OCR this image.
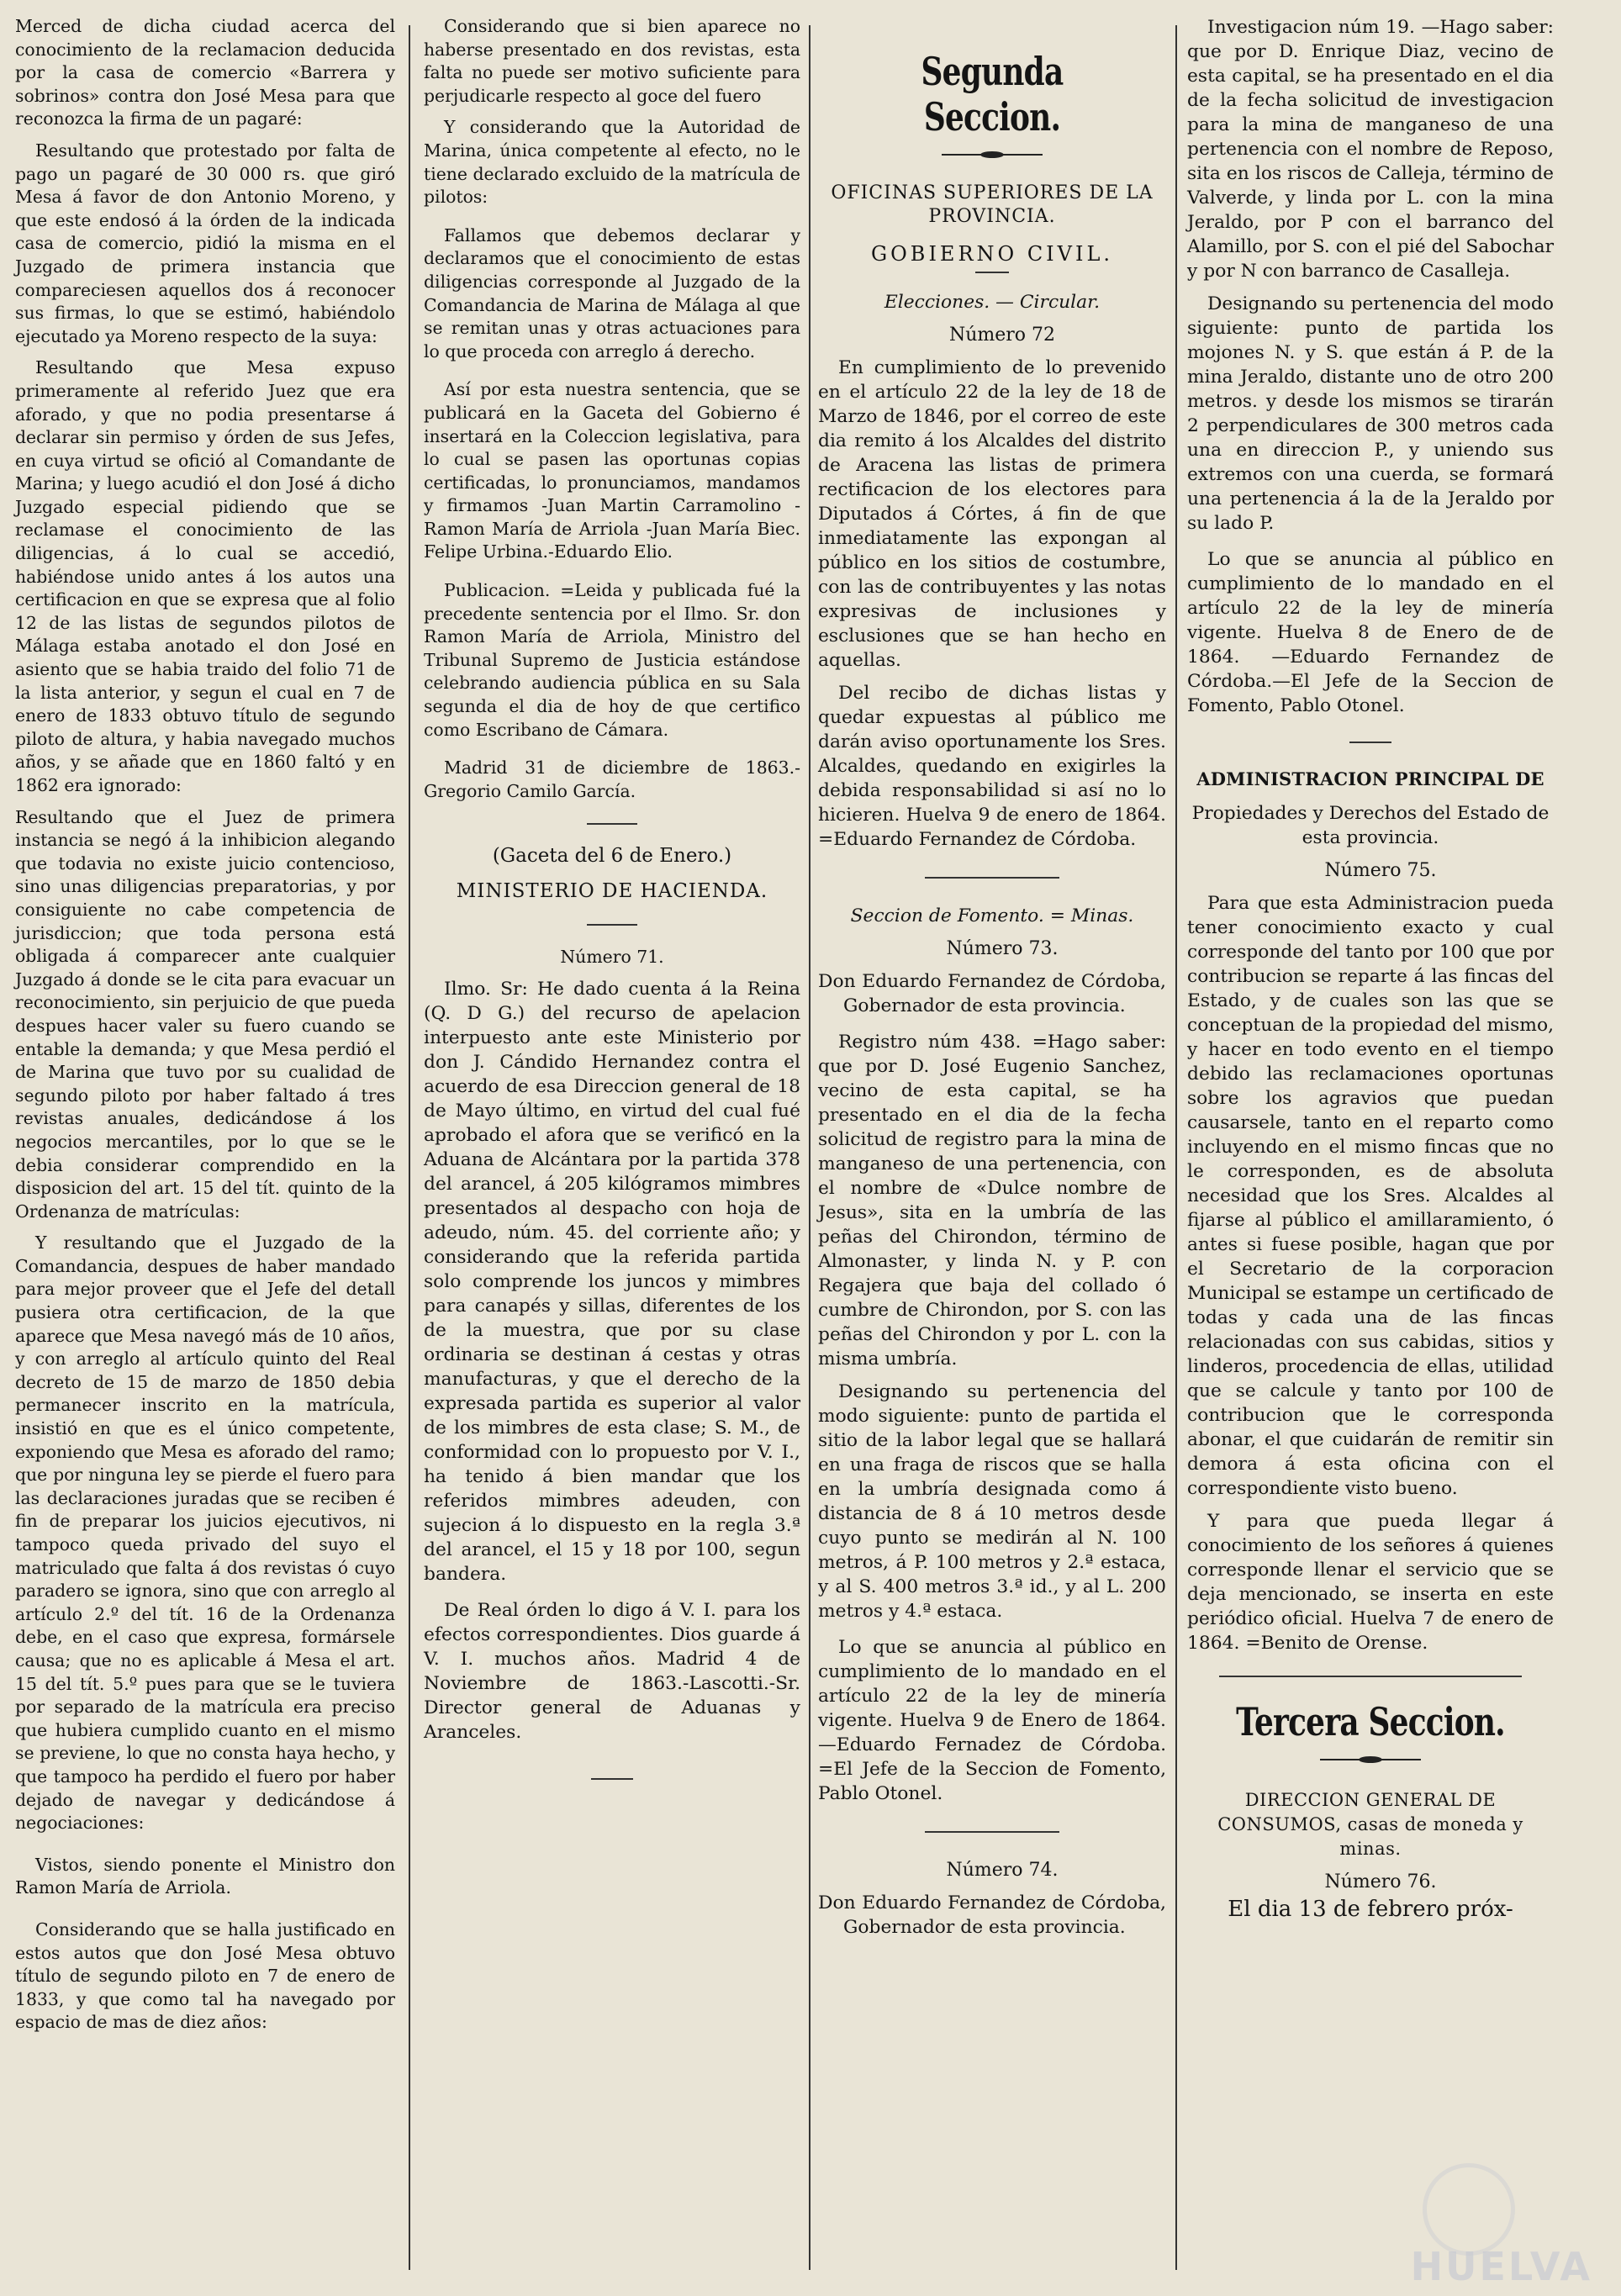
Merced de dicha ciudad acerca del conocimiento de la reclamacion deducida por la casa de comercio «Barrera y sobrinos» contra don José Mesa para que reconozca la firma de un pagaré:

Resultando que protestado por falta de pago un pagaré de 30 000 rs. que giró Mesa á favor de don Antonio Moreno, y que este endosó á la órden de la indicada casa de comercio, pidió la misma en el Juzgado de primera instancia que compareciesen aquellos dos á reconocer sus firmas, lo que se estimó, habiéndolo ejecutado ya Moreno respecto de la suya:

Resultando que Mesa expuso primeramente al referido Juez que era aforado, y que no podia presentarse á declarar sin permiso y órden de sus Jefes, en cuya virtud se ofició al Comandante de Marina; y luego acudió el don José á dicho Juzgado especial pidiendo que se reclamase el conocimiento de las diligencias, á lo cual se accedió, habiéndose unido antes á los autos una certificacion en que se expresa que al folio 12 de las listas de segundos pilotos de Málaga estaba anotado el don José en asiento que se habia traido del folio 71 de la lista anterior, y segun el cual en 7 de enero de 1833 obtuvo título de segundo piloto de altura, y habia navegado muchos años, y se añade que en 1860 faltó y en 1862 era ignorado:

Resultando que el Juez de primera instancia se negó á la inhibicion alegando que todavia no existe juicio contencioso, sino unas diligencias preparatorias, y por consiguiente no cabe competencia de jurisdiccion; que toda persona está obligada á comparecer ante cualquier Juzgado á donde se le cita para evacuar un reconocimiento, sin perjuicio de que pueda despues hacer valer su fuero cuando se entable la demanda; y que Mesa perdió el de Marina que tuvo por su cualidad de segundo piloto por haber faltado á tres revistas anuales, dedicándose á los negocios mercantiles, por lo que se le debia considerar comprendido en la disposicion del art. 15 del tít. quinto de la Ordenanza de matrículas:

Y resultando que el Juzgado de la Comandancia, despues de haber mandado para mejor proveer que el Jefe del detall pusiera otra certificacion, de la que aparece que Mesa navegó más de 10 años, y con arreglo al artículo quinto del Real decreto de 15 de marzo de 1850 debia permanecer inscrito en la matrícula, insistió en que es el único competente, exponiendo que Mesa es aforado del ramo; que por ninguna ley se pierde el fuero para las declaraciones juradas que se reciben é fin de preparar los juicios ejecutivos, ni tampoco queda privado del suyo el matriculado que falta á dos revistas ó cuyo paradero se ignora, sino que con arreglo al artículo 2.º del tít. 16 de la Ordenanza debe, en el caso que expresa, formársele causa; que no es aplicable á Mesa el art. 15 del tít. 5.º pues para que se le tuviera por separado de la matrícula era preciso que hubiera cumplido cuanto en el mismo se previene, lo que no consta haya hecho, y que tampoco ha perdido el fuero por haber dejado de navegar y dedicándose á negociaciones:

Vistos, siendo ponente el Ministro don Ramon María de Arriola.

Considerando que se halla justificado en estos autos que don José Mesa obtuvo título de segundo piloto en 7 de enero de 1833, y que como tal ha navegado por espacio de mas de diez años:

Considerando que si bien aparece no haberse presentado en dos revistas, esta falta no puede ser motivo suficiente para perjudicarle respecto al goce del fuero

Y considerando que la Autoridad de Marina, única competente al efecto, no le tiene declarado excluido de la matrícula de pilotos:

Fallamos que debemos declarar y declaramos que el conocimiento de estas diligencias corresponde al Juzgado de la Comandancia de Marina de Málaga al que se remitan unas y otras actuaciones para lo que proceda con arreglo á derecho.

Así por esta nuestra sentencia, que se publicará en la Gaceta del Gobierno é insertará en la Coleccion legislativa, para lo cual se pasen las oportunas copias certificadas, lo pronunciamos, mandamos y firmamos -Juan Martin Carramolino -Ramon María de Arriola -Juan María Biec. Felipe Urbina.-Eduardo Elio.

Publicacion. =Leida y publicada fué la precedente sentencia por el Ilmo. Sr. don Ramon María de Arriola, Ministro del Tribunal Supremo de Justicia estándose celebrando audiencia pública en su Sala segunda el dia de hoy de que certifico como Escribano de Cámara.

Madrid 31 de diciembre de 1863.-Gregorio Camilo García.

(Gaceta del 6 de Enero.)

MINISTERIO DE HACIENDA.

Número 71.

Ilmo. Sr: He dado cuenta á la Reina (Q. D G.) del recurso de apelacion interpuesto ante este Ministerio por don J. Cándido Hernandez contra el acuerdo de esa Direccion general de 18 de Mayo último, en virtud del cual fué aprobado el afora que se verificó en la Aduana de Alcántara por la partida 378 del arancel, á 205 kilógramos mimbres presentados al despacho con hoja de adeudo, núm. 45. del corriente año; y considerando que la referida partida solo comprende los juncos y mimbres para canapés y sillas, diferentes de los de la muestra, que por su clase ordinaria se destinan á cestas y otras manufacturas, y que el derecho de la expresada partida es superior al valor de los mimbres de esta clase; S. M., de conformidad con lo propuesto por V. I., ha tenido á bien mandar que los referidos mimbres adeuden, con sujecion á lo dispuesto en la regla 3.ª del arancel, el 15 y 18 por 100, segun bandera.

De Real órden lo digo á V. I. para los efectos correspondientes. Dios guarde á V. I. muchos años. Madrid 4 de Noviembre de 1863.-Lascotti.-Sr. Director general de Aduanas y Aranceles.

Segunda Seccion.
OFICINAS SUPERIORES DE LA PROVINCIA.
GOBIERNO CIVIL.

Elecciones. — Circular.

Número 72

En cumplimiento de lo prevenido en el artículo 22 de la ley de 18 de Marzo de 1846, por el correo de este dia remito á los Alcaldes del distrito de Aracena las listas de primera rectificacion de los electores para Diputados á Córtes, á fin de que inmediatamente las expongan al público en los sitios de costumbre, con las de contribuyentes y las notas expresivas de inclusiones y esclusiones que se han hecho en aquellas.

Del recibo de dichas listas y quedar expuestas al público me darán aviso oportunamente los Sres. Alcaldes, quedando en exigirles la debida responsabilidad si así no lo hicieren. Huelva 9 de enero de 1864. =Eduardo Fernandez de Córdoba.

Seccion de Fomento. = Minas.

Número 73.

Don Eduardo Fernandez de Córdoba, Gobernador de esta provincia.

Registro núm 438. =Hago saber: que por D. José Eugenio Sanchez, vecino de esta capital, se ha presentado en el dia de la fecha solicitud de registro para la mina de manganeso de una pertenencia, con el nombre de «Dulce nombre de Jesus», sita en la umbría de las peñas del Chirondon, término de Almonaster, y linda N. y P. con Regajera que baja del collado ó cumbre de Chirondon, por S. con las peñas del Chirondon y por L. con la misma umbría.

Designando su pertenencia del modo siguiente: punto de partida el sitio de la labor legal que se hallará en una fraga de riscos que se halla en la umbría designada como á distancia de 8 á 10 metros desde cuyo punto se medirán al N. 100 metros, á P. 100 metros y 2.ª estaca, y al S. 400 metros 3.ª id., y al L. 200 metros y 4.ª estaca.

Lo que se anuncia al público en cumplimiento de lo mandado en el artículo 22 de la ley de minería vigente. Huelva 9 de Enero de 1864. —Eduardo Fernadez de Córdoba. =El Jefe de la Seccion de Fomento, Pablo Otonel.

Número 74.

Don Eduardo Fernandez de Córdoba, Gobernador de esta provincia.

Investigacion núm 19. —Hago saber: que por D. Enrique Diaz, vecino de esta capital, se ha presentado en el dia de la fecha solicitud de investigacion para la mina de manganeso de una pertenencia con el nombre de Reposo, sita en los riscos de Calleja, término de Valverde, y linda por L. con la mina Jeraldo, por P con el barranco del Alamillo, por S. con el pié del Sabochar y por N con barranco de Casalleja.

Designando su pertenencia del modo siguiente: punto de partida los mojones N. y S. que están á P. de la mina Jeraldo, distante uno de otro 200 metros. y desde los mismos se tirarán 2 perpendiculares de 300 metros cada una en direccion P., y uniendo sus extremos con una cuerda, se formará una pertenencia á la de la Jeraldo por su lado P.

Lo que se anuncia al público en cumplimiento de lo mandado en el artículo 22 de la ley de minería vigente. Huelva 8 de Enero de de 1864. —Eduardo Fernandez de Córdoba.—El Jefe de la Seccion de Fomento, Pablo Otonel.

ADMINISTRACION PRINCIPAL DE

Propiedades y Derechos del Estado de esta provincia.

Número 75.

Para que esta Administracion pueda tener conocimiento exacto y cual corresponde del tanto por 100 que por contribucion se reparte á las fincas del Estado, y de cuales son las que se conceptuan de la propiedad del mismo, y hacer en todo evento en el tiempo debido las reclamaciones oportunas sobre los agravios que puedan causarsele, tanto en el reparto como incluyendo en el mismo fincas que no le corresponden, es de absoluta necesidad que los Sres. Alcaldes al fijarse al público el amillaramiento, ó antes si fuese posible, hagan que por el Secretario de la corporacion Municipal se estampe un certificado de todas y cada una de las fincas relacionadas con sus cabidas, sitios y linderos, procedencia de ellas, utilidad que se calcule y tanto por 100 de contribucion que le corresponda abonar, el que cuidarán de remitir sin demora á esta oficina con el correspondiente visto bueno.

Y para que pueda llegar á conocimiento de los señores á quienes corresponde llenar el servicio que se deja mencionado, se inserta en este periódico oficial. Huelva 7 de enero de 1864. =Benito de Orense.

Tercera Seccion.

DIRECCION GENERAL DE CONSUMOS, casas de moneda y minas.

Número 76.

El dia 13 de febrero próx-

HUELVA
